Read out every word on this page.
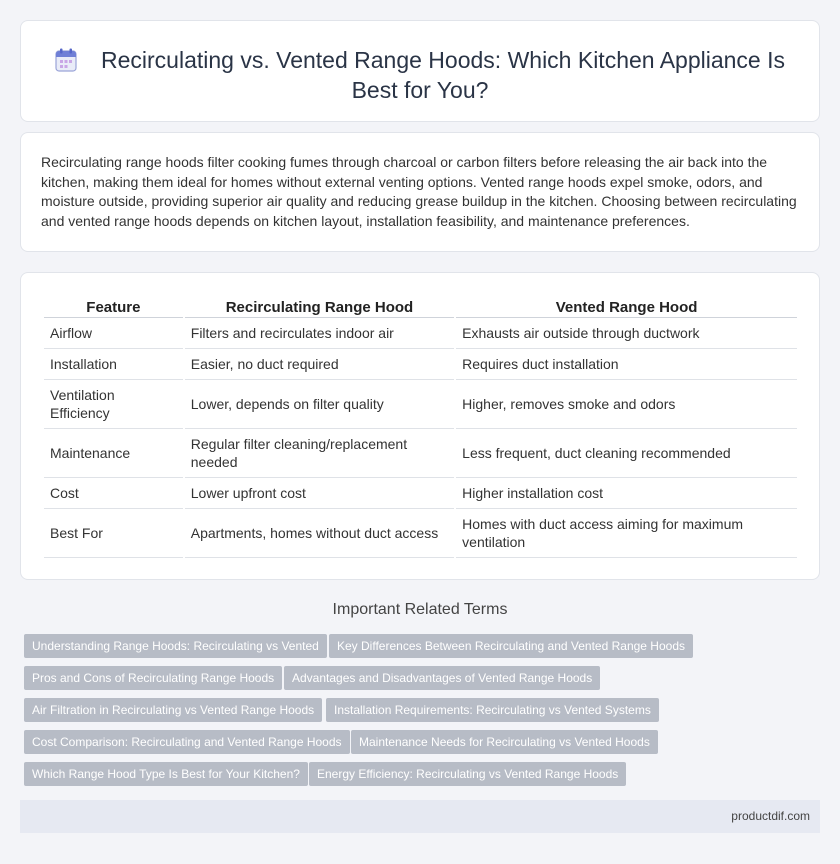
Recirculating vs. Vented Range Hoods: Which Kitchen Appliance Is Best for You?

Recirculating range hoods filter cooking fumes through charcoal or carbon filters before releasing the air back into the kitchen, making them ideal for homes without external venting options. Vented range hoods expel smoke, odors, and moisture outside, providing superior air quality and reducing grease buildup in the kitchen. Choosing between recirculating and vented range hoods depends on kitchen layout, installation feasibility, and maintenance preferences.

Feature	Recirculating Range Hood	Vented Range Hood
Airflow	Filters and recirculates indoor air	Exhausts air outside through ductwork
Installation	Easier, no duct required	Requires duct installation
Ventilation Efficiency	Lower, depends on filter quality	Higher, removes smoke and odors
Maintenance	Regular filter cleaning/replacement needed	Less frequent, duct cleaning recommended
Cost	Lower upfront cost	Higher installation cost
Best For	Apartments, homes without duct access	Homes with duct access aiming for maximum ventilation
Important Related Terms
Understanding Range Hoods: Recirculating vs Vented	Key Differences Between Recirculating and Vented Range Hoods
Pros and Cons of Recirculating Range Hoods	Advantages and Disadvantages of Vented Range Hoods
Air Filtration in Recirculating vs Vented Range Hoods	Installation Requirements: Recirculating vs Vented Systems
Cost Comparison: Recirculating and Vented Range Hoods	Maintenance Needs for Recirculating vs Vented Hoods
Which Range Hood Type Is Best for Your Kitchen?	Energy Efficiency: Recirculating vs Vented Range Hoods
productdif.com
